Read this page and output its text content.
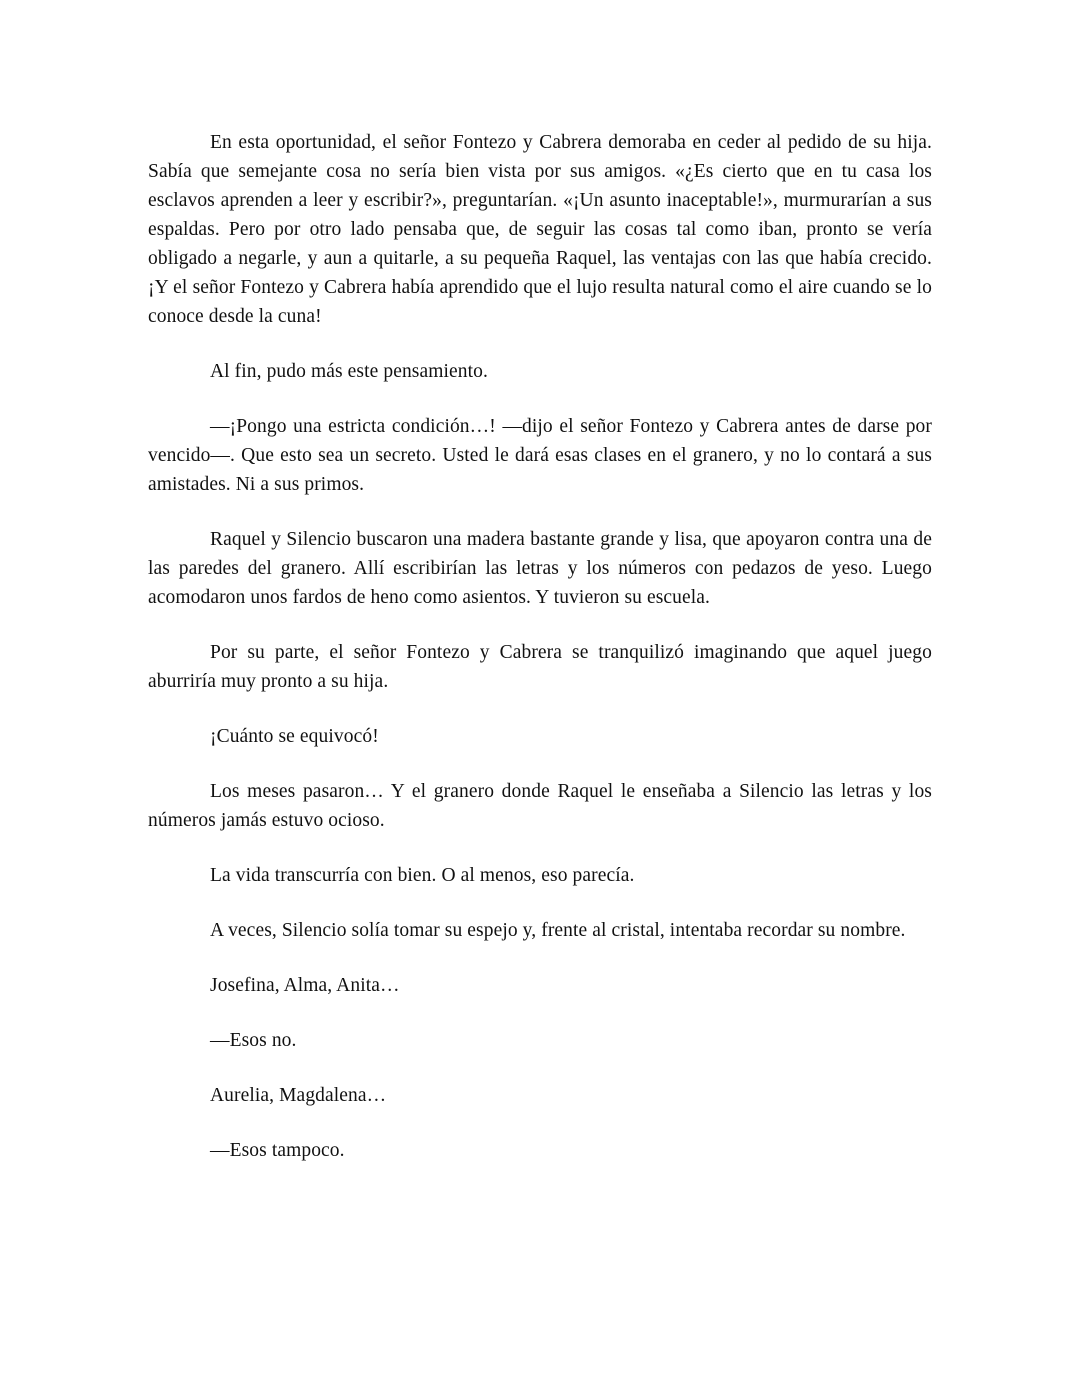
En esta oportunidad, el señor Fontezo y Cabrera demoraba en ceder al pedido de su hija. Sabía que semejante cosa no sería bien vista por sus amigos. «¿Es cierto que en tu casa los esclavos aprenden a leer y escribir?», preguntarían. «¡Un asunto inaceptable!», murmurarían a sus espaldas. Pero por otro lado pensaba que, de seguir las cosas tal como iban, pronto se vería obligado a negarle, y aun a quitarle, a su pequeña Raquel, las ventajas con las que había crecido. ¡Y el señor Fontezo y Cabrera había aprendido que el lujo resulta natural como el aire cuando se lo conoce desde la cuna!

Al fin, pudo más este pensamiento.

—¡Pongo una estricta condición…! —dijo el señor Fontezo y Cabrera antes de darse por vencido—. Que esto sea un secreto. Usted le dará esas clases en el granero, y no lo contará a sus amistades. Ni a sus primos.

Raquel y Silencio buscaron una madera bastante grande y lisa, que apoyaron contra una de las paredes del granero. Allí escribirían las letras y los números con pedazos de yeso. Luego acomodaron unos fardos de heno como asientos. Y tuvieron su escuela.

Por su parte, el señor Fontezo y Cabrera se tranquilizó imaginando que aquel juego aburriría muy pronto a su hija.

¡Cuánto se equivocó!

Los meses pasaron… Y el granero donde Raquel le enseñaba a Silencio las letras y los números jamás estuvo ocioso.

La vida transcurría con bien. O al menos, eso parecía.

A veces, Silencio solía tomar su espejo y, frente al cristal, intentaba recordar su nombre.

Josefina, Alma, Anita…

—Esos no.

Aurelia, Magdalena…

—Esos tampoco.
